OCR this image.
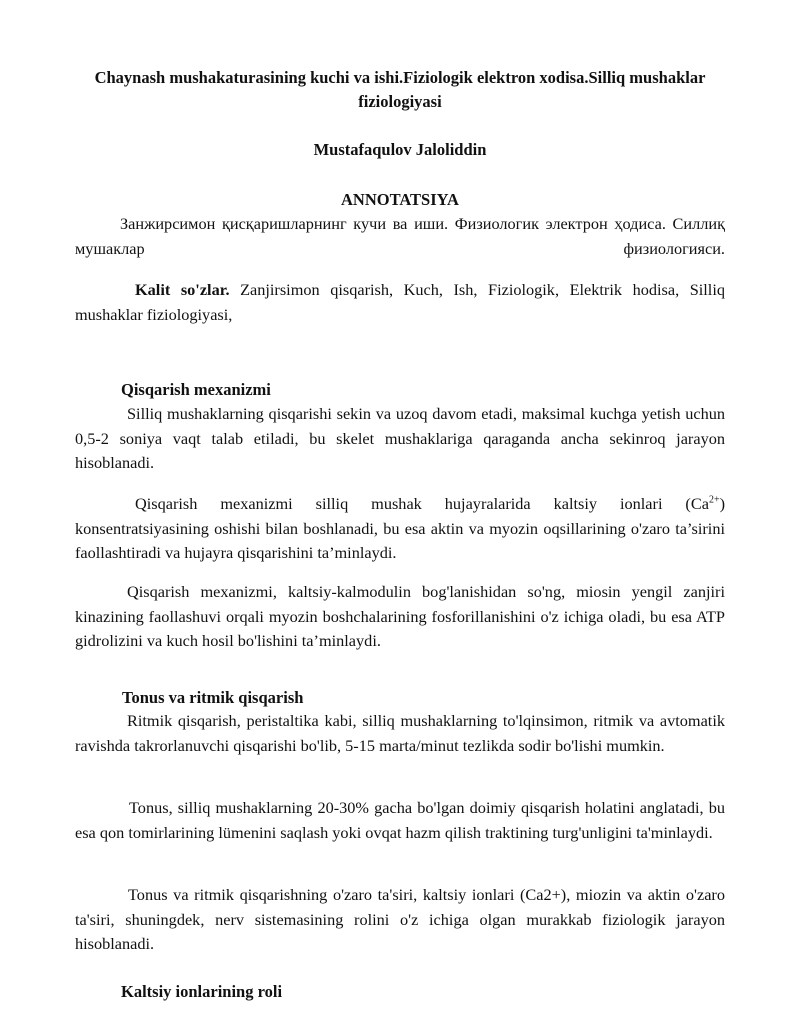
Chaynash mushakaturasining kuchi va ishi.Fiziologik elektron xodisa.Silliq mushaklar fiziologiyasi
Mustafaqulov Jaloliddin
ANNOTATSIYA

Занжирсимон қисқаришларнинг кучи ва иши. Физиологик электрон ҳодиса. Силлиқ мушаклар физиологияси.

Kalit so'zlar. Zanjirsimon qisqarish, Kuch, Ish, Fiziologik, Elektrik hodisa, Silliq mushaklar fiziologiyasi,

Qisqarish mexanizmi

Silliq mushaklarning qisqarishi sekin va uzoq davom etadi, maksimal kuchga yetish uchun 0,5-2 soniya vaqt talab etiladi, bu skelet mushaklariga qaraganda ancha sekinroq jarayon hisoblanadi.

Qisqarish mexanizmi silliq mushak hujayralarida kaltsiy ionlari $(Ca^{2+})$ konsentratsiyasining oshishi bilan boshlanadi, bu esa aktin va myozin oqsillarining o'zaro ta’sirini faollashtiradi va hujayra qisqarishini ta’minlaydi.

Qisqarish mexanizmi, kaltsiy-kalmodulin bog'lanishidan so'ng, miosin yengil zanjiri kinazining faollashuvi orqali myozin boshchalarining fosforillanishini o'z ichiga oladi, bu esa ATP gidrolizini va kuch hosil bo'lishini ta’minlaydi.

Tonus va ritmik qisqarish

Ritmik qisqarish, peristaltika kabi, silliq mushaklarning to'lqinsimon, ritmik va avtomatik ravishda takrorlanuvchi qisqarishi bo'lib, 5-15 marta/minut tezlikda sodir bo'lishi mumkin.

Tonus, silliq mushaklarning 20-30% gacha bo'lgan doimiy qisqarish holatini anglatadi, bu esa qon tomirlarining lümenini saqlash yoki ovqat hazm qilish traktining turg'unligini ta'minlaydi.

Tonus va ritmik qisqarishning o'zaro ta'siri, kaltsiy ionlari (Ca2+), miozin va aktin o'zaro ta'siri, shuningdek, nerv sistemasining rolini o'z ichiga olgan murakkab fiziologik jarayon hisoblanadi.

Kaltsiy ionlarining roli
